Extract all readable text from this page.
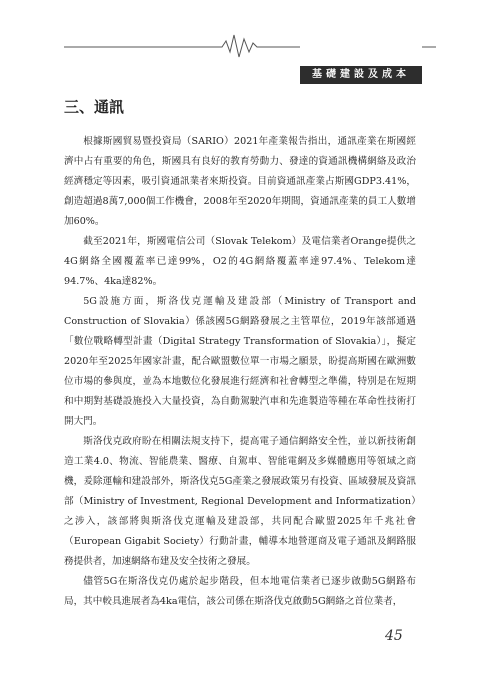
基礎建設及成本
三、通訊

根據斯國貿易暨投資局（SARIO）2021年產業報告指出，通訊產業在斯國經濟中占有重要的角色，斯國具有良好的教育勞動力、發達的資通訊機構網絡及政治經濟穩定等因素，吸引資通訊業者來斯投資。目前資通訊產業占斯國GDP3.41%，創造超過8萬7,000個工作機會，2008年至2020年期間，資通訊產業的員工人數增加60%。

截至2021年，斯國電信公司（Slovak Telekom）及電信業者Orange提供之4G網絡全國覆蓋率已達99%，O2的4G網絡覆蓋率達97.4%、Telekom達94.7%、4ka達82%。

5G設施方面，斯洛伐克運輸及建設部（Ministry of Transport and Construction of Slovakia）係該國5G網路發展之主管單位，2019年該部通過「數位戰略轉型計畫（Digital Strategy Transformation of Slovakia）」，擬定2020年至2025年國家計畫，配合歐盟數位單一市場之願景，盼提高斯國在歐洲數位市場的參與度，並為本地數位化發展進行經濟和社會轉型之準備，特別是在短期和中期對基礎設施投入大量投資，為自動駕駛汽車和先進製造等種在革命性技術打開大門。

斯洛伐克政府盼在相關法規支持下，提高電子通信網絡安全性，並以新技術創造工業4.0、物流、智能農業、醫療、自駕車、智能電網及多媒體應用等領域之商機，爰除運輸和建設部外，斯洛伐克5G產業之發展政策另有投資、區域發展及資訊部（Ministry of Investment, Regional Development and Informatization）之涉入，該部將與斯洛伐克運輸及建設部，共同配合歐盟2025年千兆社會（European Gigabit Society）行動計畫，輔導本地營運商及電子通訊及網路服務提供者，加速網絡布建及安全技術之發展。

儘管5G在斯洛伐克仍處於起步階段，但本地電信業者已逐步啟動5G網路布局，其中較具進展者為4ka電信，該公司係在斯洛伐克啟動5G網絡之首位業者，

45
